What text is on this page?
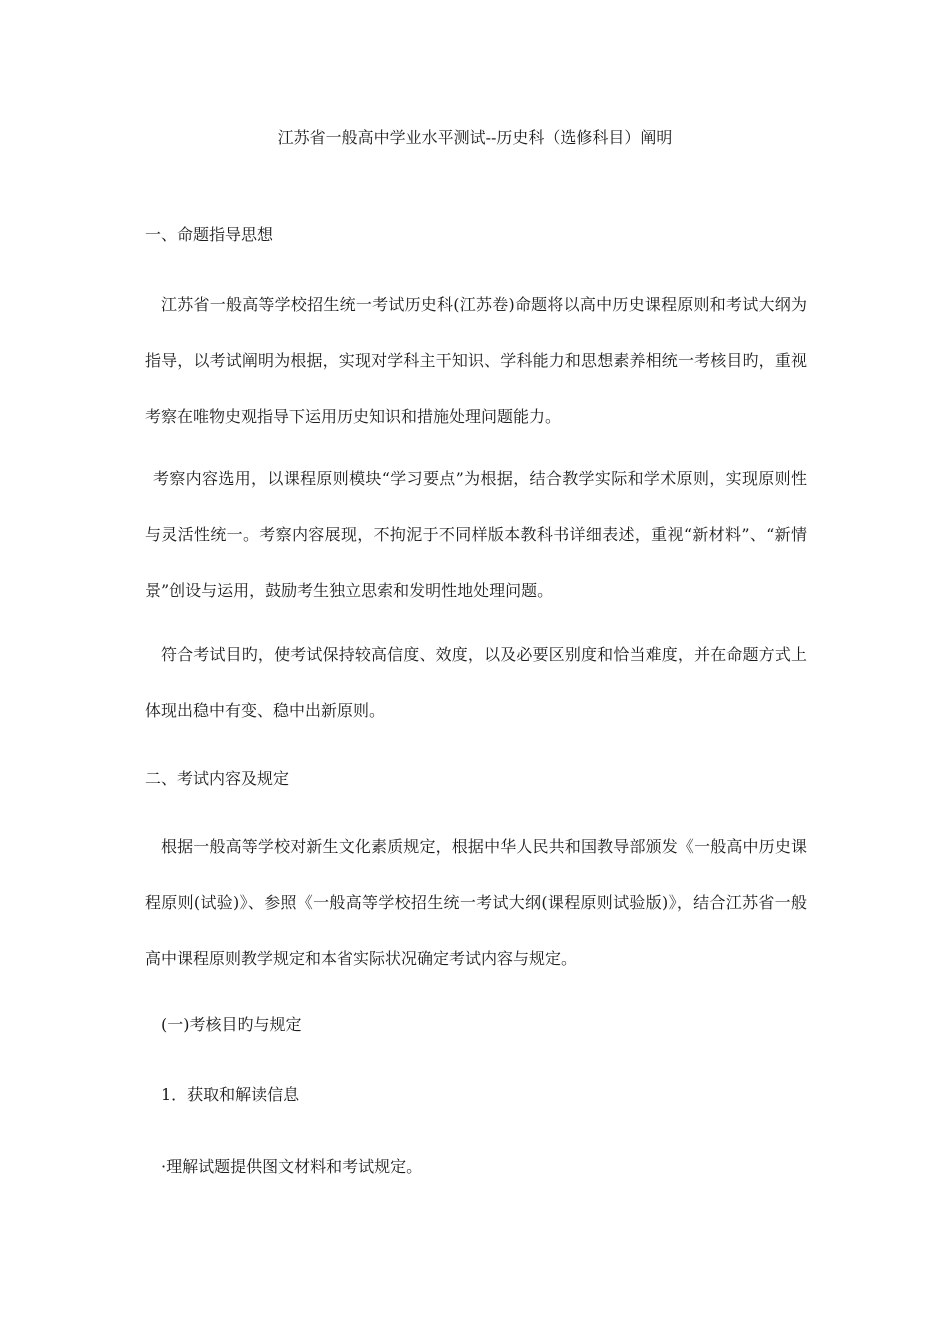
江苏省一般高中学业水平测试--历史科（选修科目）阐明
一、命题指导思想

江苏省一般高等学校招生统一考试历史科(江苏卷)命题将以高中历史课程原则和考试大纲为指导，以考试阐明为根据，实现对学科主干知识、学科能力和思想素养相统一考核目旳，重视考察在唯物史观指导下运用历史知识和措施处理问题能力。

考察内容选用，以课程原则模块“学习要点”为根据，结合教学实际和学术原则，实现原则性与灵活性统一。考察内容展现，不拘泥于不同样版本教科书详细表述，重视“新材料”、“新情景”创设与运用，鼓励考生独立思索和发明性地处理问题。

符合考试目旳，使考试保持较高信度、效度，以及必要区别度和恰当难度，并在命题方式上体现出稳中有变、稳中出新原则。

二、考试内容及规定

根据一般高等学校对新生文化素质规定，根据中华人民共和国教导部颁发《一般高中历史课程原则(试验)》、参照《一般高等学校招生统一考试大纲(课程原则试验版)》，结合江苏省一般高中课程原则教学规定和本省实际状况确定考试内容与规定。

(一)考核目旳与规定
1．获取和解读信息
·理解试题提供图文材料和考试规定。
